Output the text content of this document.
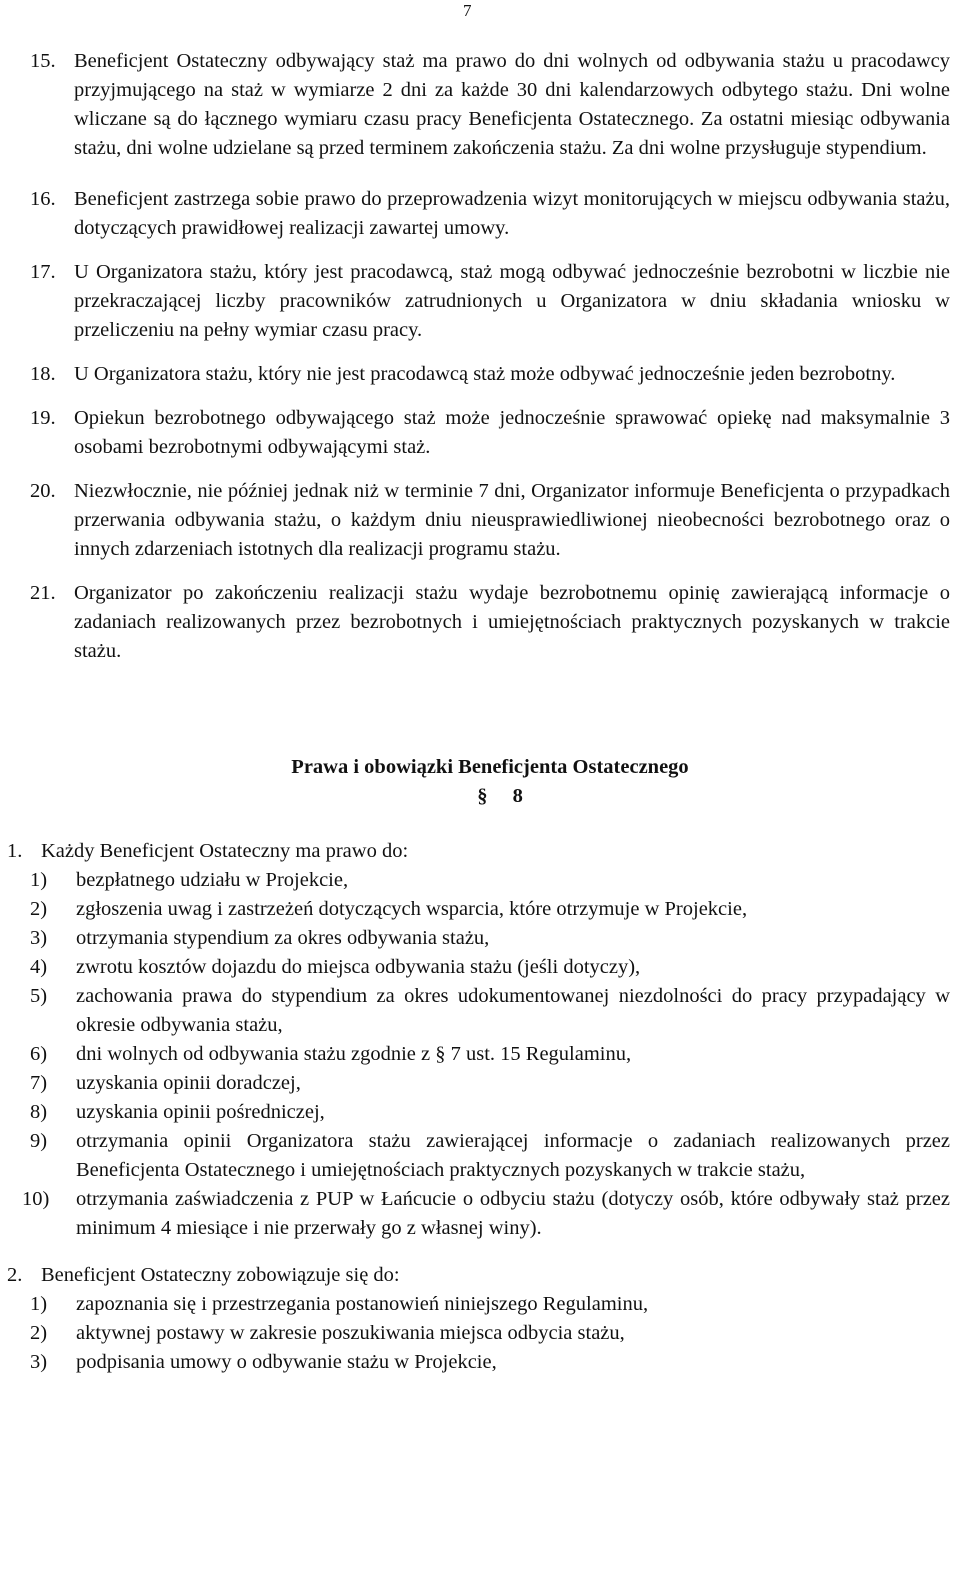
7
15. Beneficjent Ostateczny odbywający staż ma prawo do dni wolnych od odbywania stażu u pracodawcy przyjmującego na staż w wymiarze 2 dni za każde 30 dni kalendarzowych odbytego stażu. Dni wolne wliczane są do łącznego wymiaru czasu pracy Beneficjenta Ostatecznego. Za ostatni miesiąc odbywania stażu, dni wolne udzielane są przed terminem zakończenia stażu. Za dni wolne przysługuje stypendium.
16. Beneficjent zastrzega sobie prawo do przeprowadzenia wizyt monitorujących w miejscu odbywania stażu, dotyczących prawidłowej realizacji zawartej umowy.
17. U Organizatora stażu, który jest pracodawcą, staż mogą odbywać jednocześnie bezrobotni w liczbie nie przekraczającej liczby pracowników zatrudnionych u Organizatora w dniu składania wniosku w przeliczeniu na pełny wymiar czasu pracy.
18. U Organizatora stażu, który nie jest pracodawcą staż może odbywać jednocześnie jeden bezrobotny.
19. Opiekun bezrobotnego odbywającego staż może jednocześnie sprawować opiekę nad maksymalnie 3 osobami bezrobotnymi odbywającymi staż.
20. Niezwłocznie, nie później jednak niż w terminie 7 dni, Organizator informuje Beneficjenta o przypadkach przerwania odbywania stażu, o każdym dniu nieusprawiedliwionej nieobecności bezrobotnego oraz o innych zdarzeniach istotnych dla realizacji programu stażu.
21. Organizator po zakończeniu realizacji stażu wydaje bezrobotnemu opinię zawierającą informacje o zadaniach realizowanych przez bezrobotnych i umiejętnościach praktycznych pozyskanych w trakcie stażu.
Prawa i obowiązki Beneficjenta Ostatecznego
§ 8
1. Każdy Beneficjent Ostateczny ma prawo do:
1) bezpłatnego udziału w Projekcie,
2) zgłoszenia uwag i zastrzeżeń dotyczących wsparcia, które otrzymuje w Projekcie,
3) otrzymania stypendium za okres odbywania stażu,
4) zwrotu kosztów dojazdu do miejsca odbywania stażu (jeśli dotyczy),
5) zachowania prawa do stypendium za okres udokumentowanej niezdolności do pracy przypadający w okresie odbywania stażu,
6) dni wolnych od odbywania stażu zgodnie z § 7 ust. 15 Regulaminu,
7) uzyskania opinii doradczej,
8) uzyskania opinii pośredniczej,
9) otrzymania opinii Organizatora stażu zawierającej informacje o zadaniach realizowanych przez Beneficjenta Ostatecznego i umiejętnościach praktycznych pozyskanych w trakcie stażu,
10) otrzymania zaświadczenia z PUP w Łańcucie o odbyciu stażu (dotyczy osób, które odbywały staż przez minimum 4 miesiące i nie przerwały go z własnej winy).
2. Beneficjent Ostateczny zobowiązuje się do:
1) zapoznania się i przestrzegania postanowień niniejszego Regulaminu,
2) aktywnej postawy w zakresie poszukiwania miejsca odbycia stażu,
3) podpisania umowy o odbywanie stażu w Projekcie,
